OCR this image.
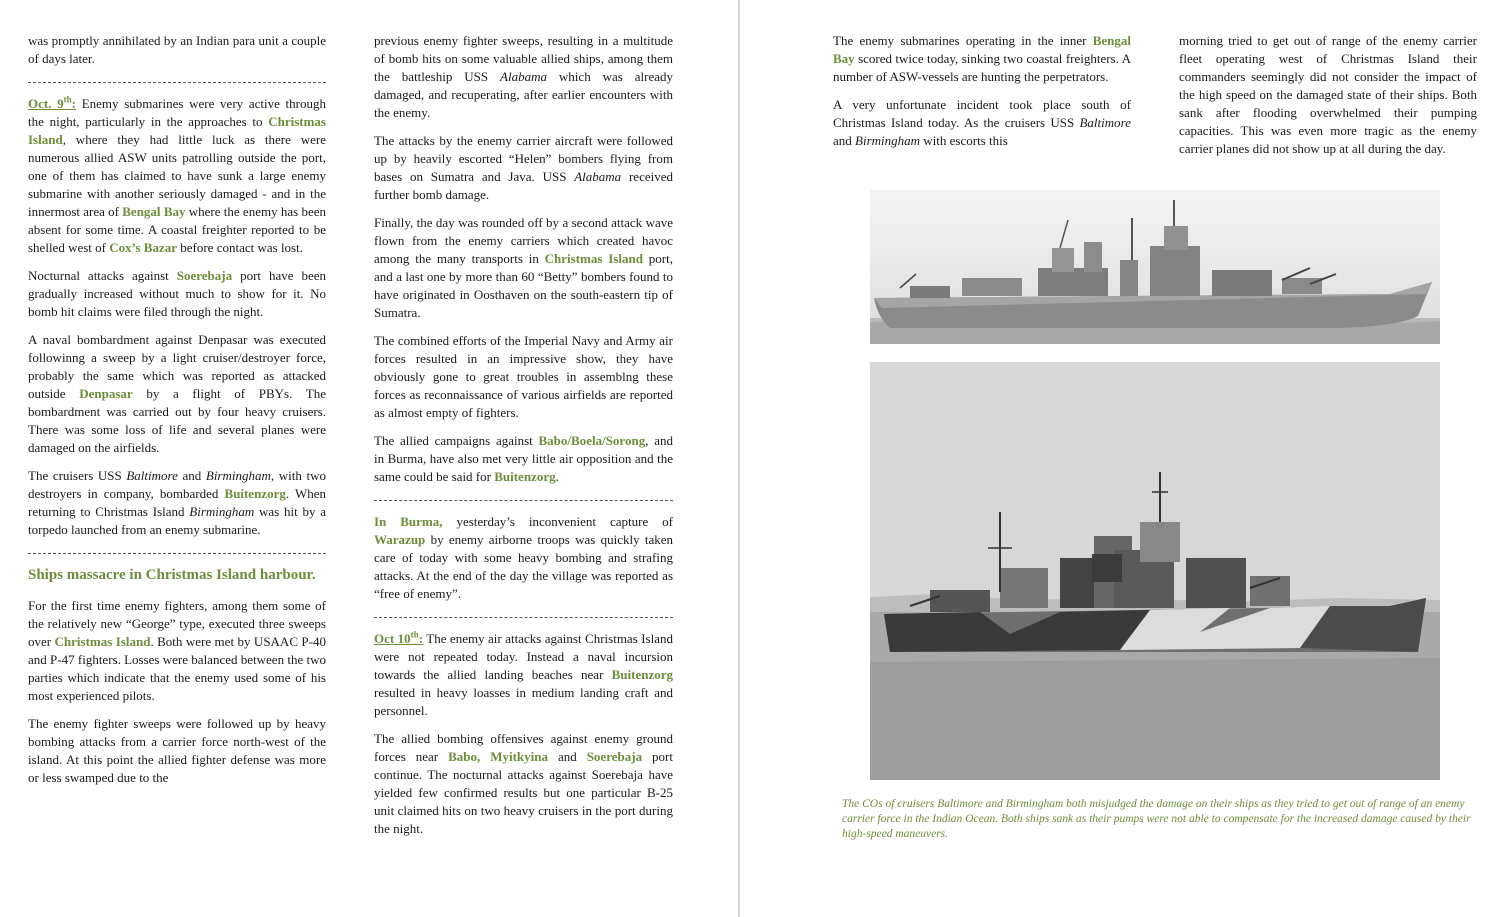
was promptly annihilated by an Indian para unit a couple of days later.

Oct. 9th: Enemy submarines were very active through the night, particularly in the approaches to Christmas Island, where they had little luck as there were numerous allied ASW units patrolling outside the port, one of them has claimed to have sunk a large enemy submarine with another seriously damaged - and in the innermost area of Bengal Bay where the enemy has been absent for some time. A coastal freighter reported to be shelled west of Cox’s Bazar before contact was lost.

Nocturnal attacks against Soerebaja port have been gradually increased without much to show for it. No bomb hit claims were filed through the night.

A naval bombardment against Denpasar was executed followinng a sweep by a light cruiser/destroyer force, probably the same which was reported as attacked outside Denpasar by a flight of PBYs. The bombardment was carried out by four heavy cruisers. There was some loss of life and several planes were damaged on the airfields.

The cruisers USS Baltimore and Birmingham, with two destroyers in company, bombarded Buitenzorg. When returning to Christmas Island Birmingham was hit by a torpedo launched from an enemy submarine.

Ships massacre in Christmas Island harbour.

For the first time enemy fighters, among them some of the relatively new “George” type, executed three sweeps over Christmas Island. Both were met by USAAC P-40 and P-47 fighters. Losses were balanced between the two parties which indicate that the enemy used some of his most experienced pilots.

The enemy fighter sweeps were followed up by heavy bombing attacks from a carrier force north-west of the island. At this point the allied fighter defense was more or less swamped due to the

previous enemy fighter sweeps, resulting in a multitude of bomb hits on some valuable allied ships, among them the battleship USS Alabama which was already damaged, and recuperating, after earlier encounters with the enemy.

The attacks by the enemy carrier aircraft were followed up by heavily escorted “Helen” bombers flying from bases on Sumatra and Java. USS Alabama received further bomb damage.

Finally, the day was rounded off by a second attack wave flown from the enemy carriers which created havoc among the many transports in Christmas Island port, and a last one by more than 60 “Betty” bombers found to have originated in Oosthaven on the south-eastern tip of Sumatra.

The combined efforts of the Imperial Navy and Army air forces resulted in an impressive show, they have obviously gone to great troubles in assemblng these forces as reconnaissance of various airfields are reported as almost empty of fighters.

The allied campaigns against Babo/Boela/Sorong, and in Burma, have also met very little air opposition and the same could be said for Buitenzorg.

In Burma, yesterday’s inconvenient capture of Warazup by enemy airborne troops was quickly taken care of today with some heavy bombing and strafing attacks. At the end of the day the village was reported as “free of enemy”.

Oct 10th: The enemy air attacks against Christmas Island were not repeated today. Instead a naval incursion towards the allied landing beaches near Buitenzorg resulted in heavy loasses in medium landing craft and personnel.

The allied bombing offensives against enemy ground forces near Babo, Myitkyina and Soerebaja port continue. The nocturnal attacks against Soerebaja have yielded few confirmed results but one particular B-25 unit claimed hits on two heavy cruisers in the port during the night.

The enemy submarines operating in the inner Bengal Bay scored twice today, sinking two coastal freighters. A number of ASW-vessels are hunting the perpetrators.

A very unfortunate incident took place south of Christmas Island today. As the cruisers USS Baltimore and Birmingham with escorts this

morning tried to get out of range of the enemy carrier fleet operating west of Christmas Island their commanders seemingly did not consider the impact of the high speed on the damaged state of their ships. Both sank after flooding overwhelmed their pumping capacities. This was even more tragic as the enemy carrier planes did not show up at all during the day.

The COs of cruisers Baltimore and Birmingham both misjudged the damage on their ships as they tried to get out of range of an enemy carrier force in the Indian Ocean. Both ships sank as their pumps were not able to compensate for the increased damage caused by their high-speed maneuvers.
